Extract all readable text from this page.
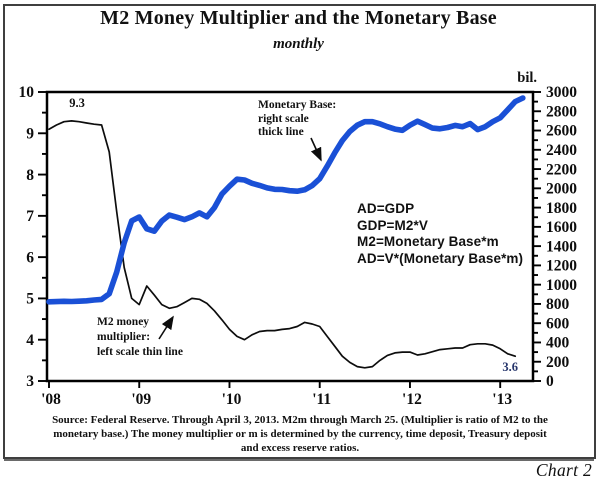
M2 Money Multiplier and the Monetary Base
monthly
bil.
10
9
8
7
6
5
4
3
3000
2800
2600
2400
2200
2000
1800
1600
1400
1200
1000
800
600
400
200
0
'08	'09	'10	'11	'12	'13
9.3	Monetary Base:
right scale
thick line
M2 money
multiplier:
left scale thin line
AD=GDP
GDP=M2*V
M2=Monetary Base*m
AD=V*(Monetary Base*m)
3.6
Source: Federal Reserve. Through April 3, 2013. M2m through March 25. (Multiplier is ratio of M2 to the
monetary base.) The money multiplier or m is determined by the currency, time deposit, Treasury deposit
and excess reserve ratios.
Chart 2
